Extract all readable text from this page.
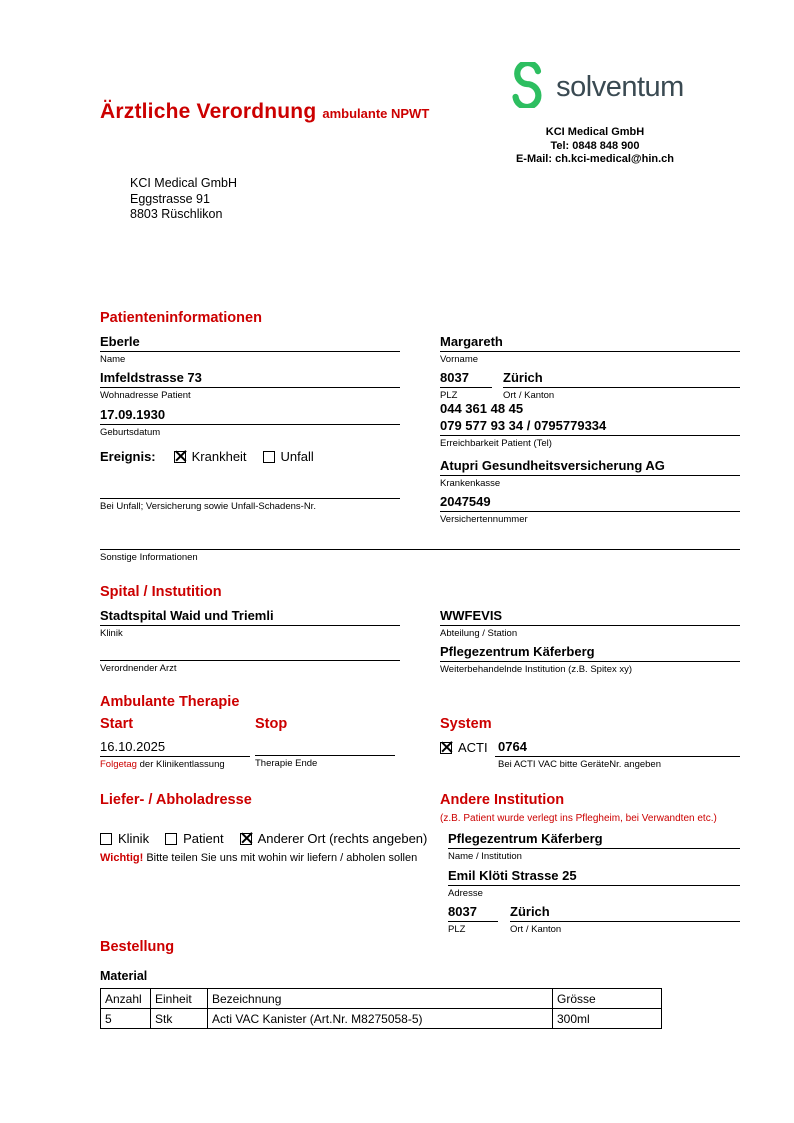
Ärztliche Verordnung ambulante NPWT
solventum
KCI Medical GmbH
Tel: 0848 848 900
E-Mail: ch.kci-medical@hin.ch
KCI Medical GmbH
Eggstrasse 91
8803 Rüschlikon
Patienteninformationen
Eberle
Name
Imfeldstrasse 73
Wohnadresse Patient
17.09.1930
Geburtsdatum
Ereignis:	Krankheit	Unfall
Bei Unfall; Versicherung sowie Unfall-Schadens-Nr.
Margareth
Vorname
8037
PLZ
Zürich
Ort / Kanton
044 361 48 45
079 577 93 34 / 0795779334
Erreichbarkeit Patient (Tel)
Atupri Gesundheitsversicherung AG
Krankenkasse
2047549
Versichertennummer
Sonstige Informationen
Spital / Instutition
Stadtspital Waid und Triemli
Klinik
Verordnender Arzt
WWFEVIS
Abteilung / Station
Pflegezentrum Käferberg
Weiterbehandelnde Institution (z.B. Spitex xy)
Ambulante Therapie
Start	Stop	System
16.10.2025
Folgetag der Klinikentlassung	Therapie Ende
ACTI 0764
Bei ACTI VAC bitte GeräteNr. angeben
Liefer- / Abholadresse
Klinik	Patient	Anderer Ort (rechts angeben)
Wichtig! Bitte teilen Sie uns mit wohin wir liefern / abholen sollen
Andere Institution
(z.B. Patient wurde verlegt ins Pflegheim, bei Verwandten etc.)
Pflegezentrum Käferberg
Name / Institution
Emil Klöti Strasse 25
Adresse
8037
PLZ
Zürich
Ort / Kanton
Bestellung
Material
Anzahl	Einheit	Bezeichnung	Grösse
5	Stk	Acti VAC Kanister (Art.Nr. M8275058-5)	300ml
